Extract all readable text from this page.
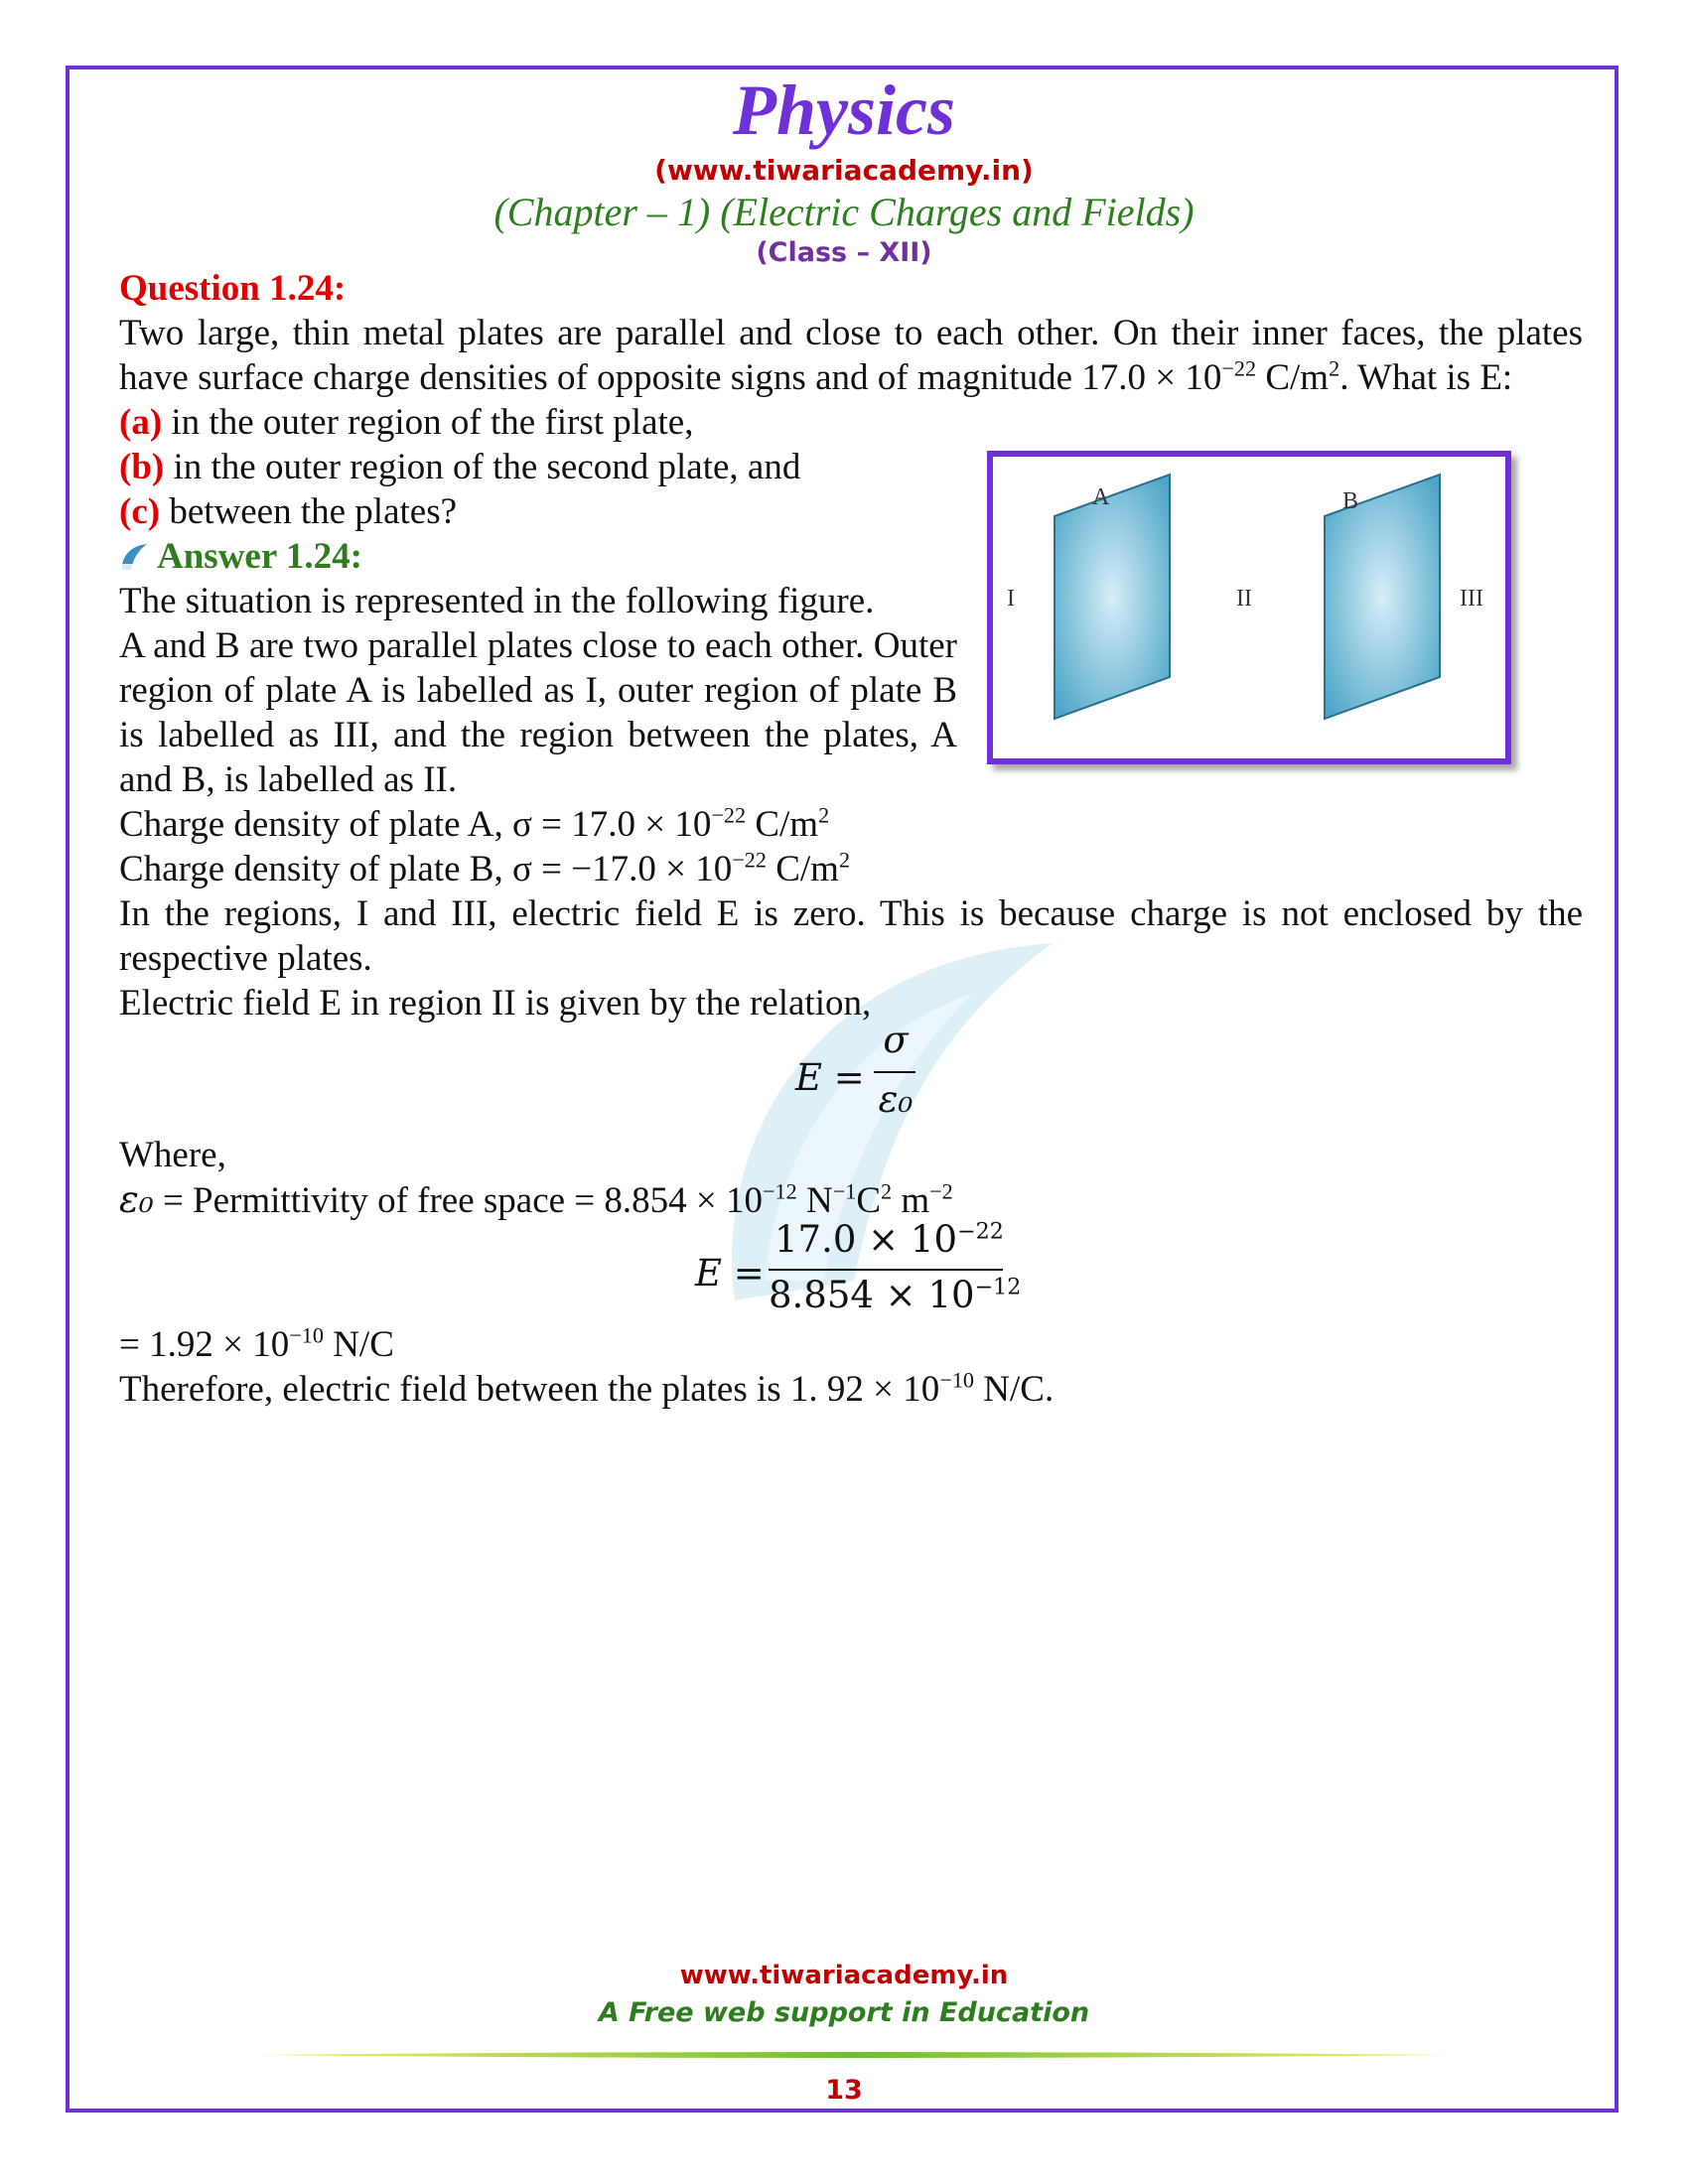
Physics
(www.tiwariacademy.in)
(Chapter – 1) (Electric Charges and Fields)
(Class – XII)

Question 1.24:

Two large, thin metal plates are parallel and close to each other. On their inner faces, the plates have surface charge densities of opposite signs and of magnitude $17.0 \times 10^{-22}$ $C/m^2$. What is E:

(a) in the outer region of the first plate,

(b) in the outer region of the second plate, and

(c) between the plates?

Answer 1.24:

The situation is represented in the following figure.

A and B are two parallel plates close to each other. Outer region of plate A is labelled as I, outer region of plate B is labelled as III, and the region between the plates, A and B, is labelled as II.

Charge density of plate A, $\sigma = 17.0 \times 10^{-22}$ $C/m^2$

Charge density of plate B, $\sigma = -17.0 \times 10^{-22}$ $C/m^2$

In the regions, I and III, electric field E is zero. This is because charge is not enclosed by the respective plates.

Electric field E in region II is given by the relation,

E =
σ
ε₀

Where,

ε₀ = Permittivity of free space = $8.854 \times 10^{-12}$ $N^{-1}C^2$ $m^{-2}$

E =
$17.0 \times 10^{-22}$
$8.854 \times 10^{-12}$

= $1.92 \times 10^{-10}$ N/C

Therefore, electric field between the plates is 1. $92 \times 10^{-10}$ N/C.

A	B
I	II	III
www.tiwariacademy.in
A Free web support in Education
13
